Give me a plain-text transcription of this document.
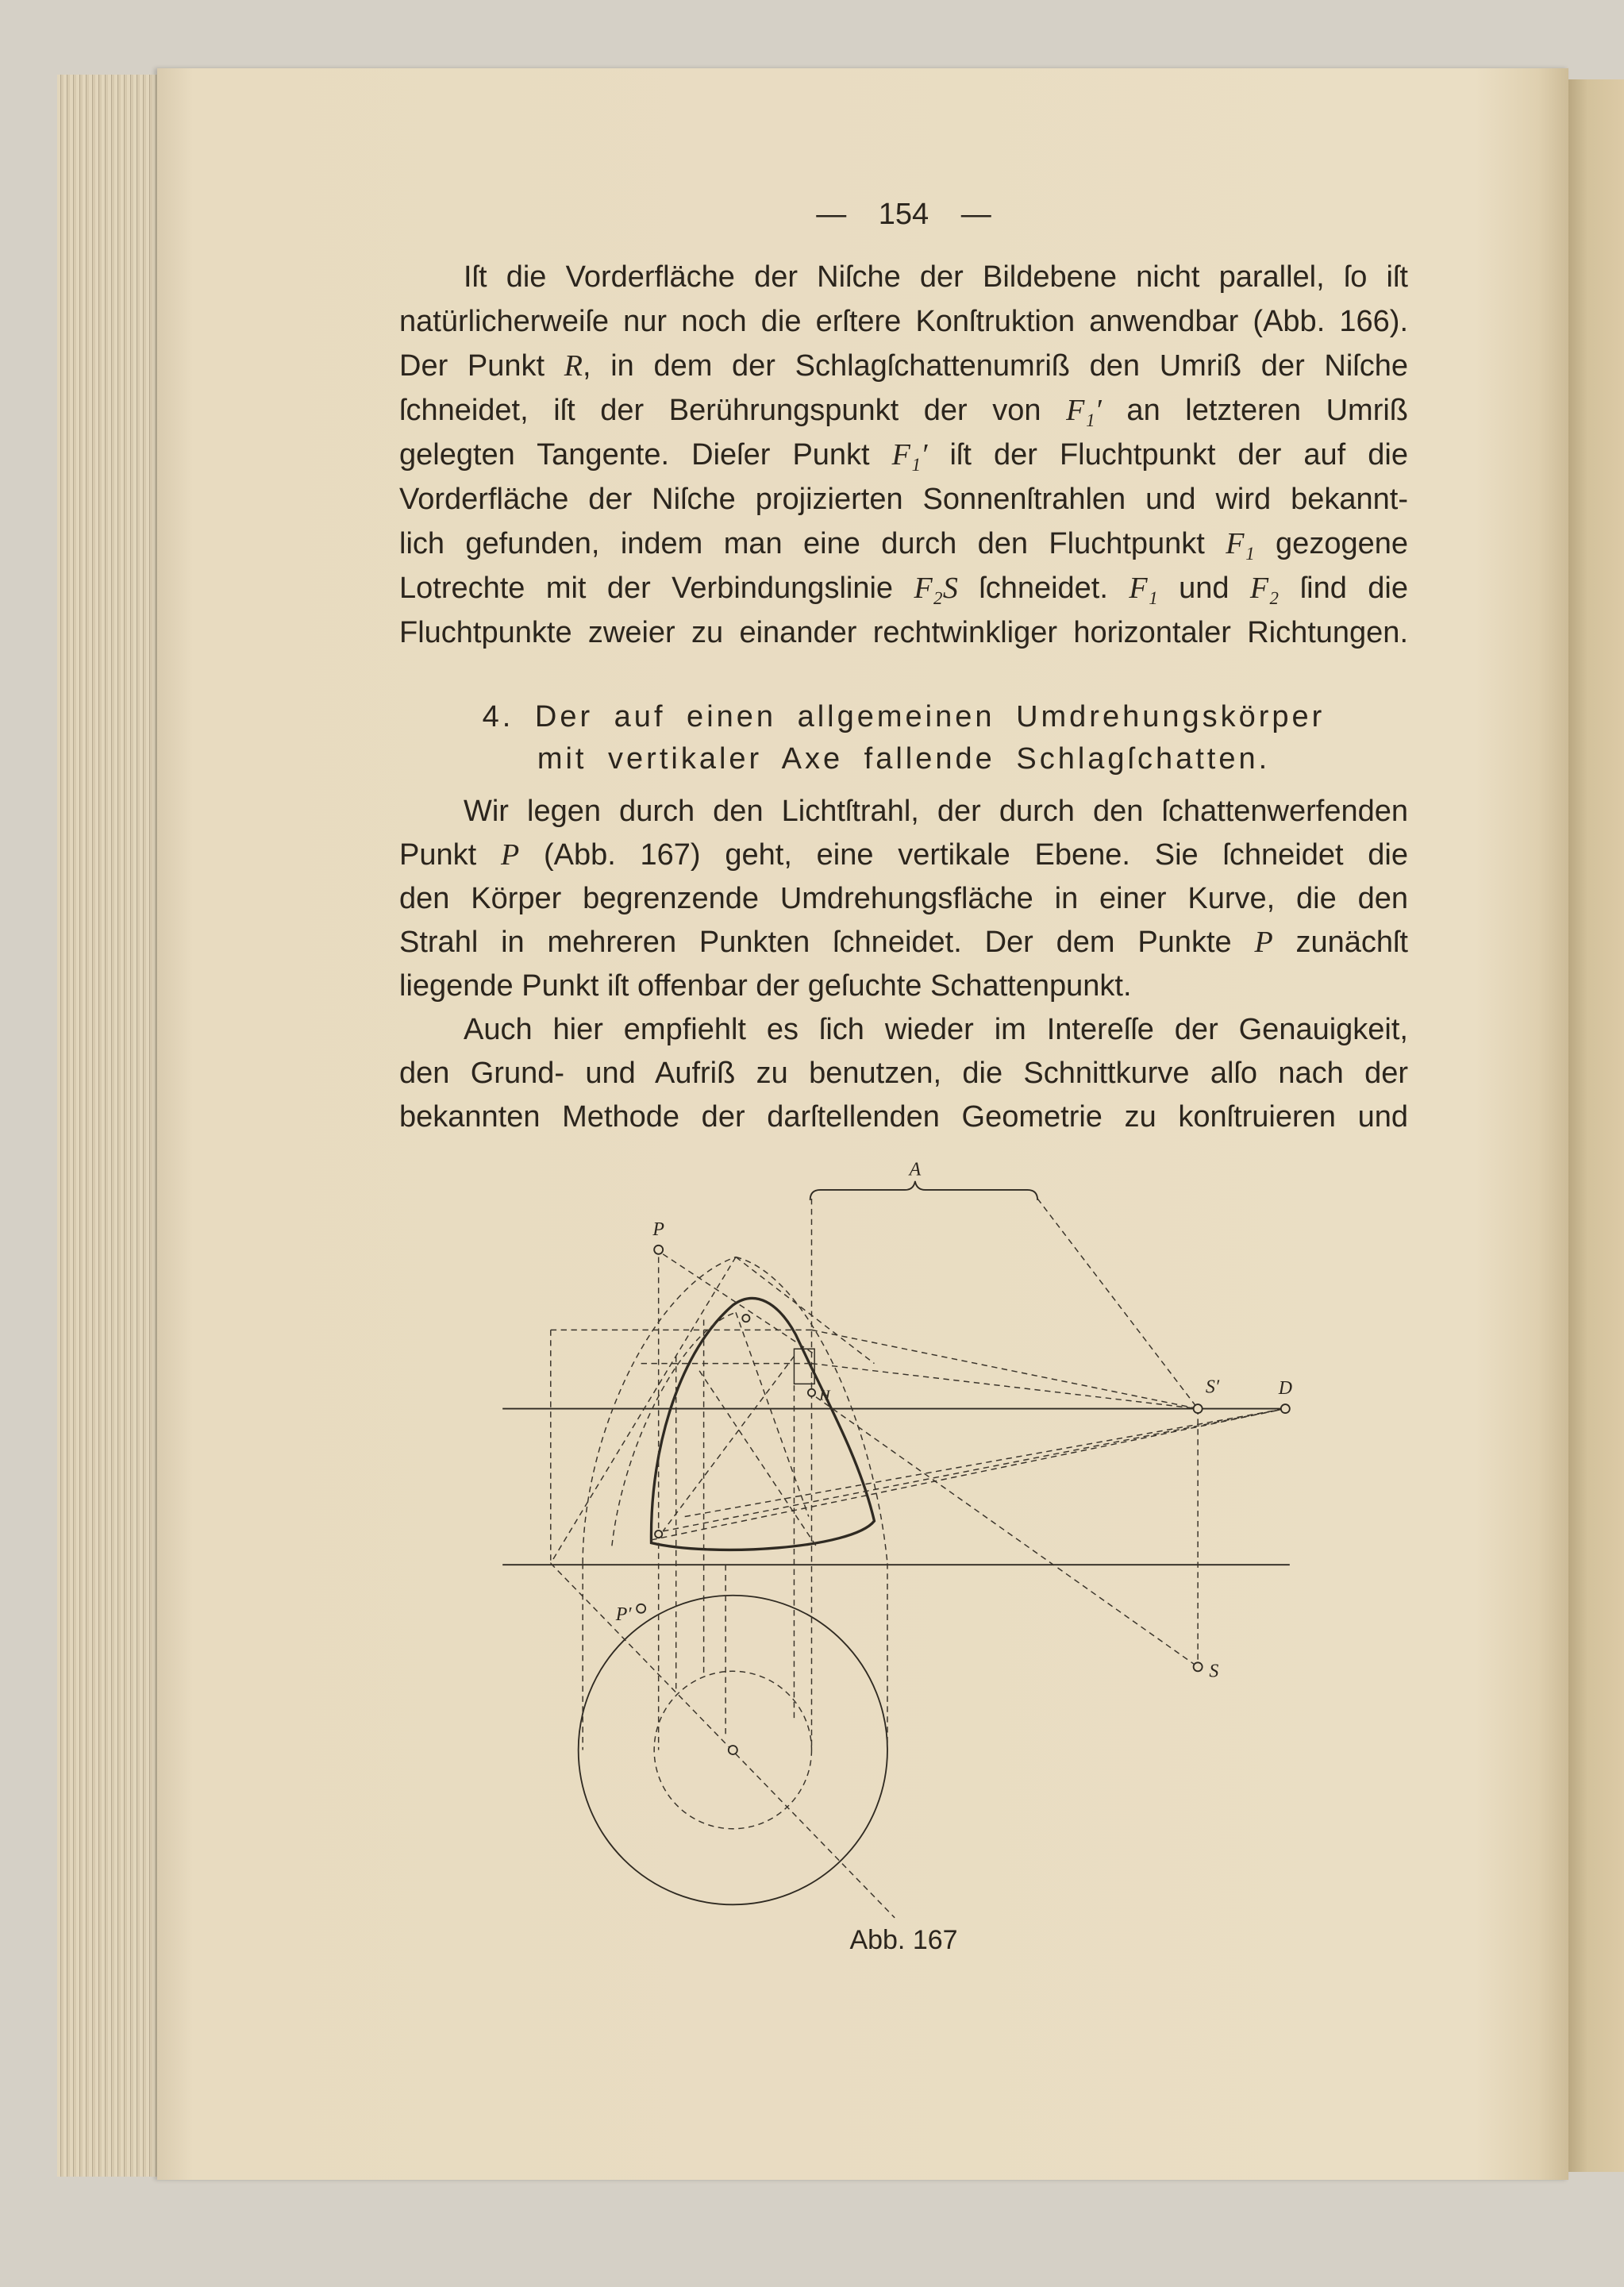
— 154 —
Iſt die Vorderfläche der Niſche der Bildebene nicht parallel, ſo iſt
natürlicherweiſe nur noch die erſtere Konſtruktion anwendbar (Abb. 166).
Der Punkt R, in dem der Schlagſchattenumriß den Umriß der Niſche
ſchneidet, iſt der Berührungspunkt der von F₁′ an letzteren Umriß
gelegten Tangente. Dieſer Punkt F₁′ iſt der Fluchtpunkt der auf die
Vorderfläche der Niſche projizierten Sonnenſtrahlen und wird bekannt-
lich gefunden, indem man eine durch den Fluchtpunkt F₁ gezogene
Lotrechte mit der Verbindungslinie F₂S ſchneidet. F₁ und F₂ ſind die
Fluchtpunkte zweier zu einander rechtwinkliger horizontaler Richtungen.
4. Der auf einen allgemeinen Umdrehungskörper
mit vertikaler Axe fallende Schlagſchatten.
Wir legen durch den Lichtſtrahl, der durch den ſchattenwerfenden
Punkt P (Abb. 167) geht, eine vertikale Ebene. Sie ſchneidet die
den Körper begrenzende Umdrehungsfläche in einer Kurve, die den
Strahl in mehreren Punkten ſchneidet. Der dem Punkte P zunächſt
liegende Punkt iſt offenbar der geſuchte Schattenpunkt.
Auch hier empfiehlt es ſich wieder im Intereſſe der Genauigkeit,
den Grund- und Aufriß zu benutzen, die Schnittkurve alſo nach der
bekannten Methode der darſtellenden Geometrie zu konſtruieren und
A
P
S′	D
H
P′
S
Abb. 167
